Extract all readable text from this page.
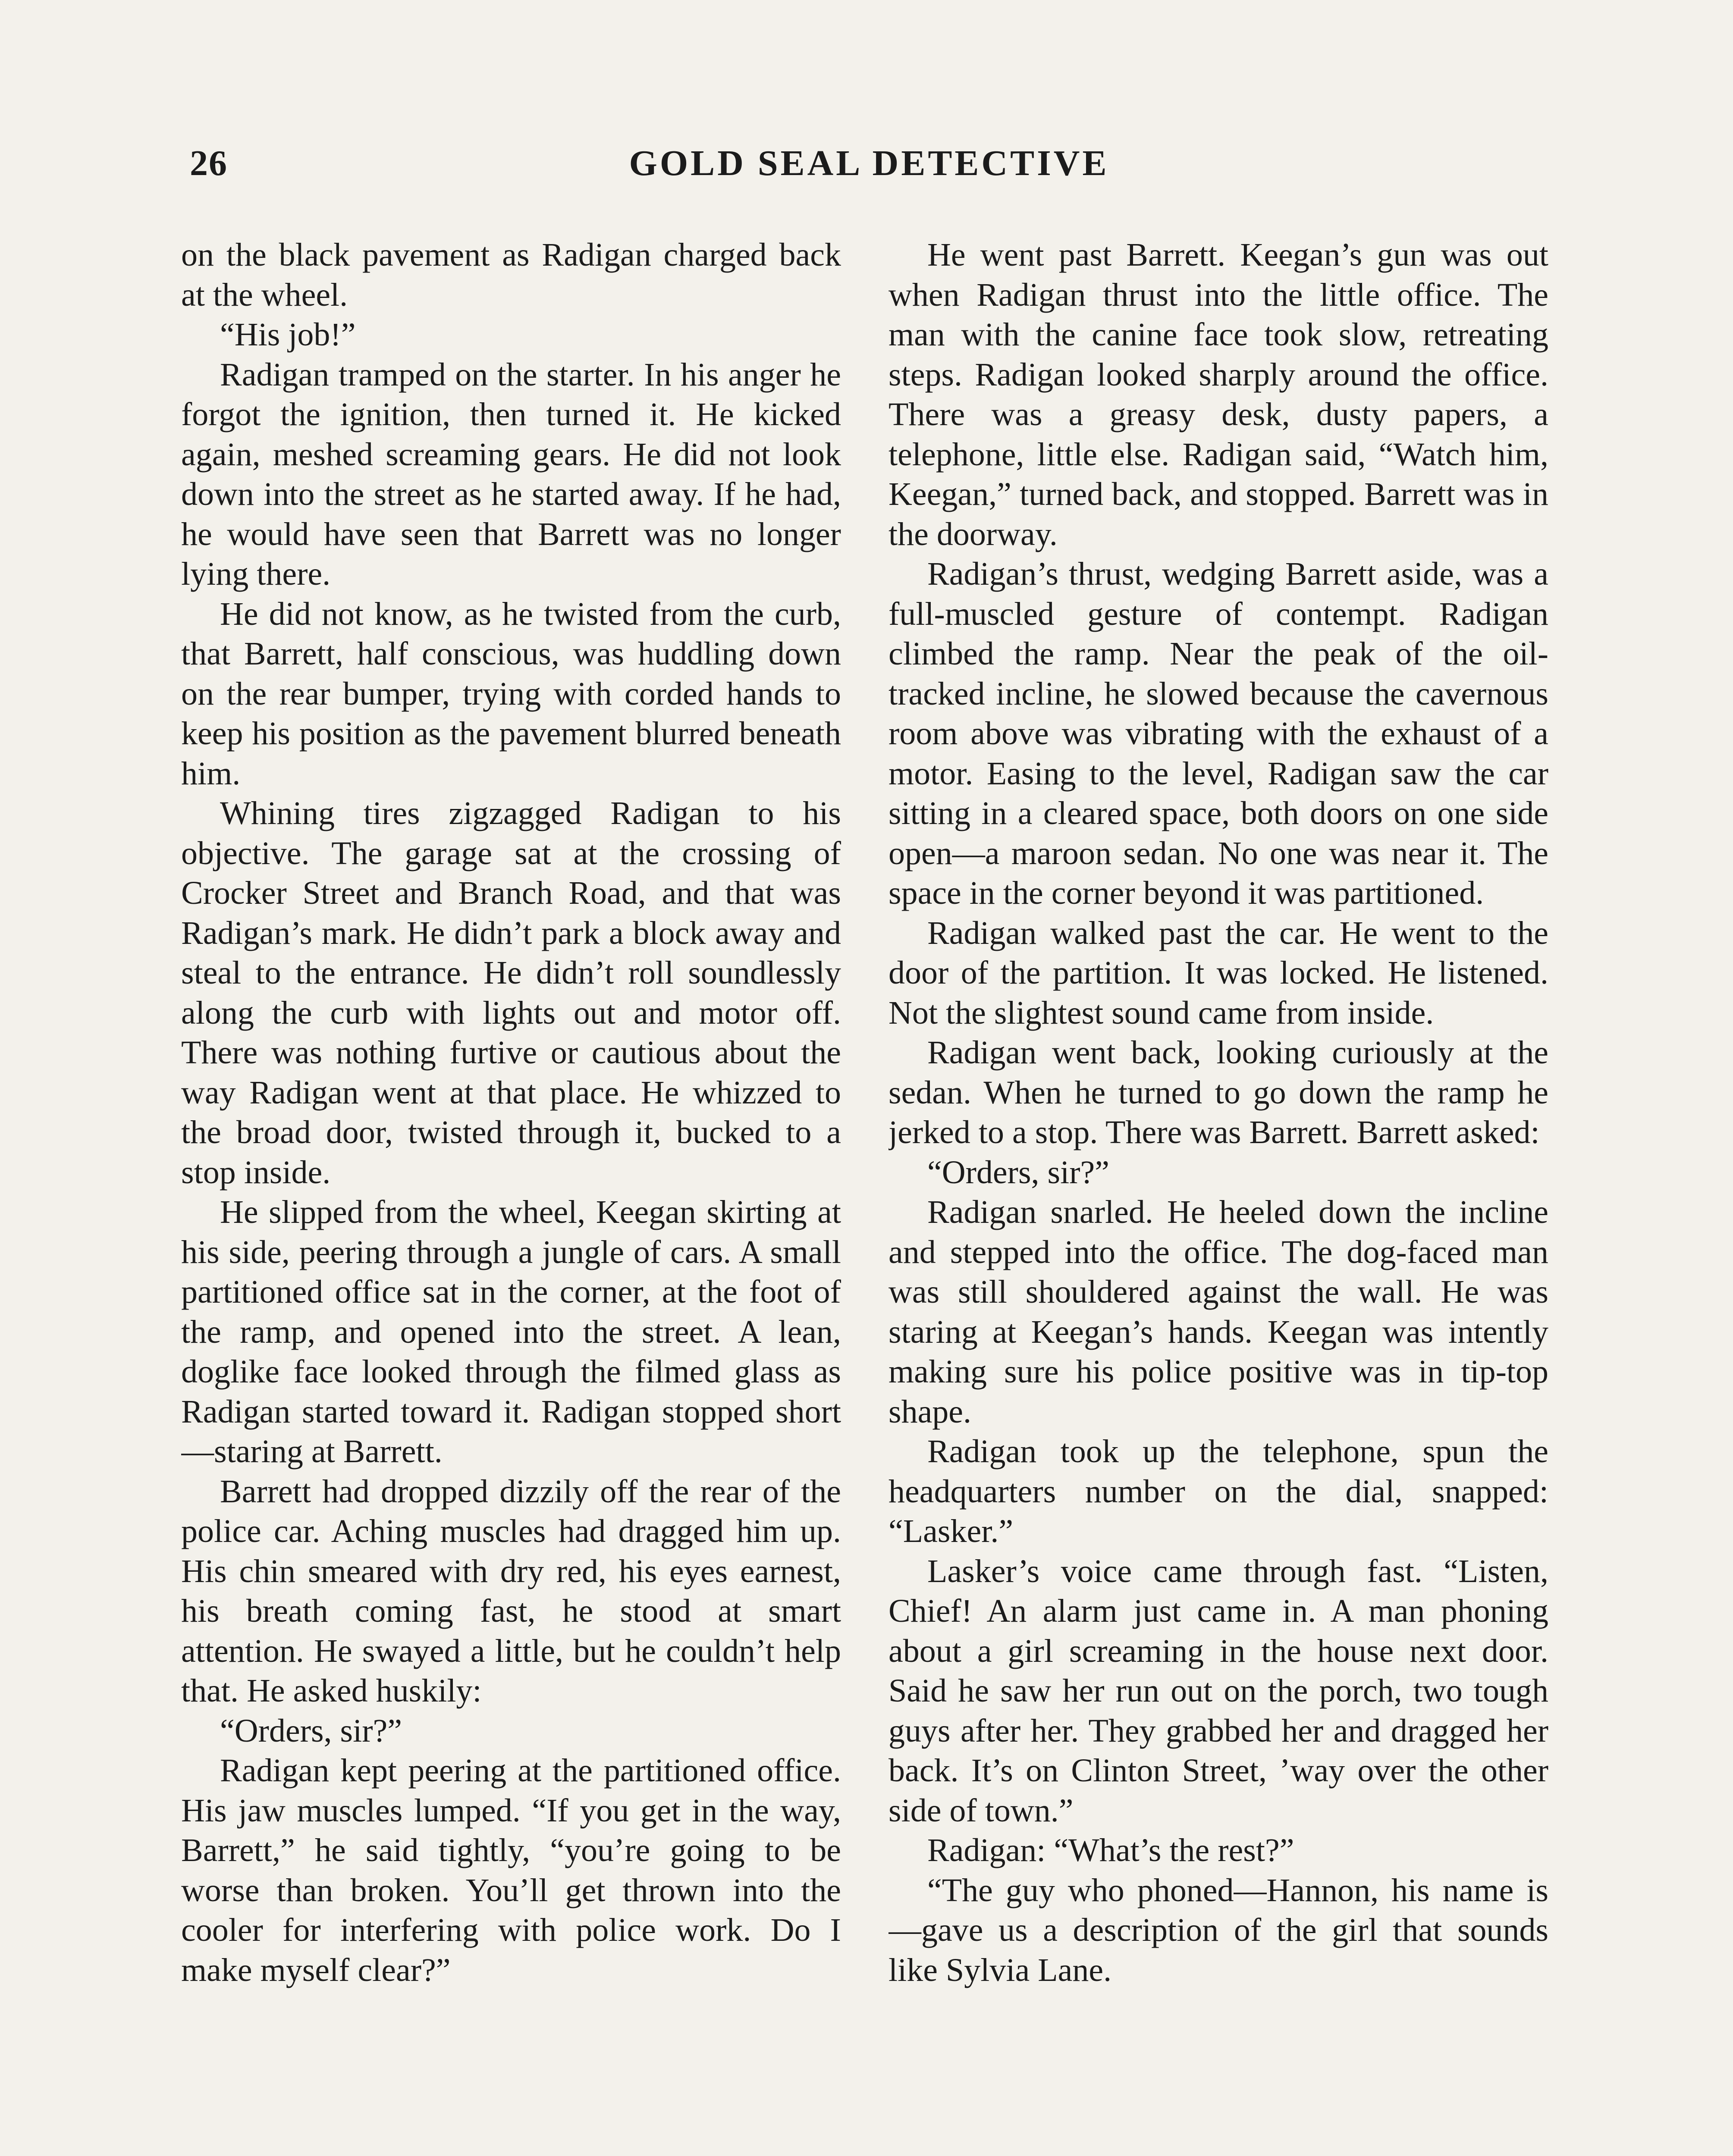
26	GOLD SEAL DETECTIVE

on the black pavement as Radigan charged back at the wheel.

“His job!”

Radigan tramped on the starter. In his anger he forgot the ignition, then turned it. He kicked again, meshed screaming gears. He did not look down into the street as he started away. If he had, he would have seen that Barrett was no longer lying there.

He did not know, as he twisted from the curb, that Barrett, half conscious, was huddling down on the rear bumper, trying with corded hands to keep his position as the pavement blurred beneath him.

Whining tires zigzagged Radigan to his objective. The garage sat at the crossing of Crocker Street and Branch Road, and that was Radigan’s mark. He didn’t park a block away and steal to the entrance. He didn’t roll soundlessly along the curb with lights out and motor off. There was nothing furtive or cautious about the way Radigan went at that place. He whizzed to the broad door, twisted through it, bucked to a stop inside.

He slipped from the wheel, Keegan skirting at his side, peering through a jungle of cars. A small partitioned office sat in the corner, at the foot of the ramp, and opened into the street. A lean, doglike face looked through the filmed glass as Radigan started toward it. Radigan stopped short—staring at Barrett.

Barrett had dropped dizzily off the rear of the police car. Aching muscles had dragged him up. His chin smeared with dry red, his eyes earnest, his breath coming fast, he stood at smart attention. He swayed a little, but he couldn’t help that. He asked huskily:

“Orders, sir?”

Radigan kept peering at the partitioned office. His jaw muscles lumped. “If you get in the way, Barrett,” he said tightly, “you’re going to be worse than broken. You’ll get thrown into the cooler for interfering with police work. Do I make myself clear?”

He went past Barrett. Keegan’s gun was out when Radigan thrust into the little office. The man with the canine face took slow, retreating steps. Radigan looked sharply around the office. There was a greasy desk, dusty papers, a telephone, little else. Radigan said, “Watch him, Keegan,” turned back, and stopped. Barrett was in the doorway.

Radigan’s thrust, wedging Barrett aside, was a full-muscled gesture of contempt. Radigan climbed the ramp. Near the peak of the oil-tracked incline, he slowed because the cavernous room above was vibrating with the exhaust of a motor. Easing to the level, Radigan saw the car sitting in a cleared space, both doors on one side open—a maroon sedan. No one was near it. The space in the corner beyond it was partitioned.

Radigan walked past the car. He went to the door of the partition. It was locked. He listened. Not the slightest sound came from inside.

Radigan went back, looking curiously at the sedan. When he turned to go down the ramp he jerked to a stop. There was Barrett. Barrett asked:

“Orders, sir?”

Radigan snarled. He heeled down the incline and stepped into the office. The dog-faced man was still shouldered against the wall. He was staring at Keegan’s hands. Keegan was intently making sure his police positive was in tip-top shape.

Radigan took up the telephone, spun the headquarters number on the dial, snapped: “Lasker.”

Lasker’s voice came through fast. “Listen, Chief! An alarm just came in. A man phoning about a girl screaming in the house next door. Said he saw her run out on the porch, two tough guys after her. They grabbed her and dragged her back. It’s on Clinton Street, ’way over the other side of town.”

Radigan: “What’s the rest?”

“The guy who phoned—Hannon, his name is—gave us a description of the girl that sounds like Sylvia Lane.
